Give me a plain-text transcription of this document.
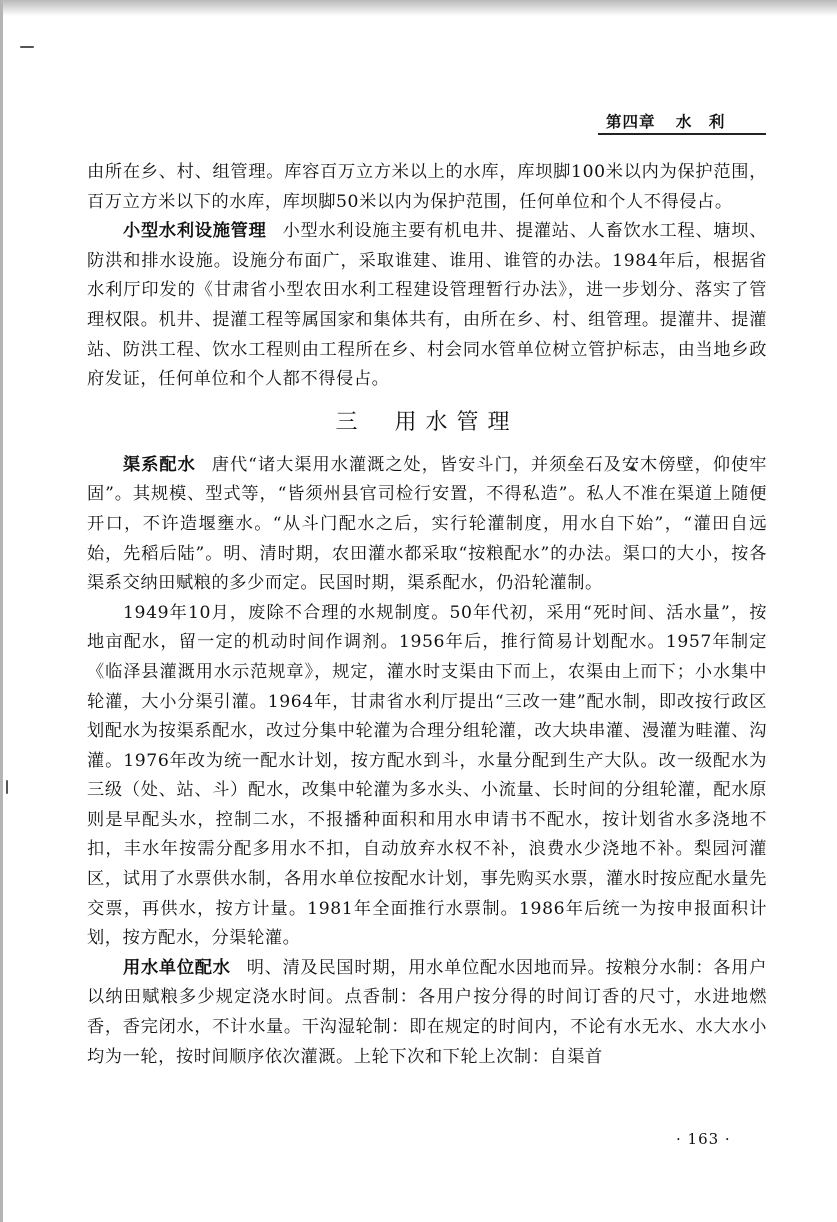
第四章 水　利

由所在乡、村、组管理。库容百万立方米以上的水库，库坝脚100米以内为保护范围，百万立方米以下的水库，库坝脚50米以内为保护范围，任何单位和个人不得侵占。

小型水利设施管理 小型水利设施主要有机电井、提灌站、人畜饮水工程、塘坝、防洪和排水设施。设施分布面广，采取谁建、谁用、谁管的办法。1984年后，根据省水利厅印发的《甘肃省小型农田水利工程建设管理暂行办法》，进一步划分、落实了管理权限。机井、提灌工程等属国家和集体共有，由所在乡、村、组管理。提灌井、提灌站、防洪工程、饮水工程则由工程所在乡、村会同水管单位树立管护标志，由当地乡政府发证，任何单位和个人都不得侵占。

三 用水管理

渠系配水 唐代“诸大渠用水灌溉之处，皆安斗门，并须垒石及安木傍壁，仰使牢固”。其规模、型式等，“皆须州县官司检行安置，不得私造”。私人不准在渠道上随便开口，不许造堰壅水。“从斗门配水之后，实行轮灌制度，用水自下始”，“灌田自远始，先稻后陆”。明、清时期，农田灌水都采取“按粮配水”的办法。渠口的大小，按各渠系交纳田赋粮的多少而定。民国时期，渠系配水，仍沿轮灌制。

1949年10月，废除不合理的水规制度。50年代初，采用“死时间、活水量”，按地亩配水，留一定的机动时间作调剂。1956年后，推行简易计划配水。1957年制定《临泽县灌溉用水示范规章》，规定，灌水时支渠由下而上，农渠由上而下；小水集中轮灌，大小分渠引灌。1964年，甘肃省水利厅提出“三改一建”配水制，即改按行政区划配水为按渠系配水，改过分集中轮灌为合理分组轮灌，改大块串灌、漫灌为畦灌、沟灌。1976年改为统一配水计划，按方配水到斗，水量分配到生产大队。改一级配水为三级（处、站、斗）配水，改集中轮灌为多水头、小流量、长时间的分组轮灌，配水原则是早配头水，控制二水，不报播种面积和用水申请书不配水，按计划省水多浇地不扣，丰水年按需分配多用水不扣，自动放弃水权不补，浪费水少浇地不补。梨园河灌区，试用了水票供水制，各用水单位按配水计划，事先购买水票，灌水时按应配水量先交票，再供水，按方计量。1981年全面推行水票制。1986年后统一为按申报面积计划，按方配水，分渠轮灌。

用水单位配水 明、清及民国时期，用水单位配水因地而异。按粮分水制：各用户以纳田赋粮多少规定浇水时间。点香制：各用户按分得的时间订香的尺寸，水进地燃香，香完闭水，不计水量。干沟湿轮制：即在规定的时间内，不论有水无水、水大水小均为一轮，按时间顺序依次灌溉。上轮下次和下轮上次制：自渠首

· 163 ·
